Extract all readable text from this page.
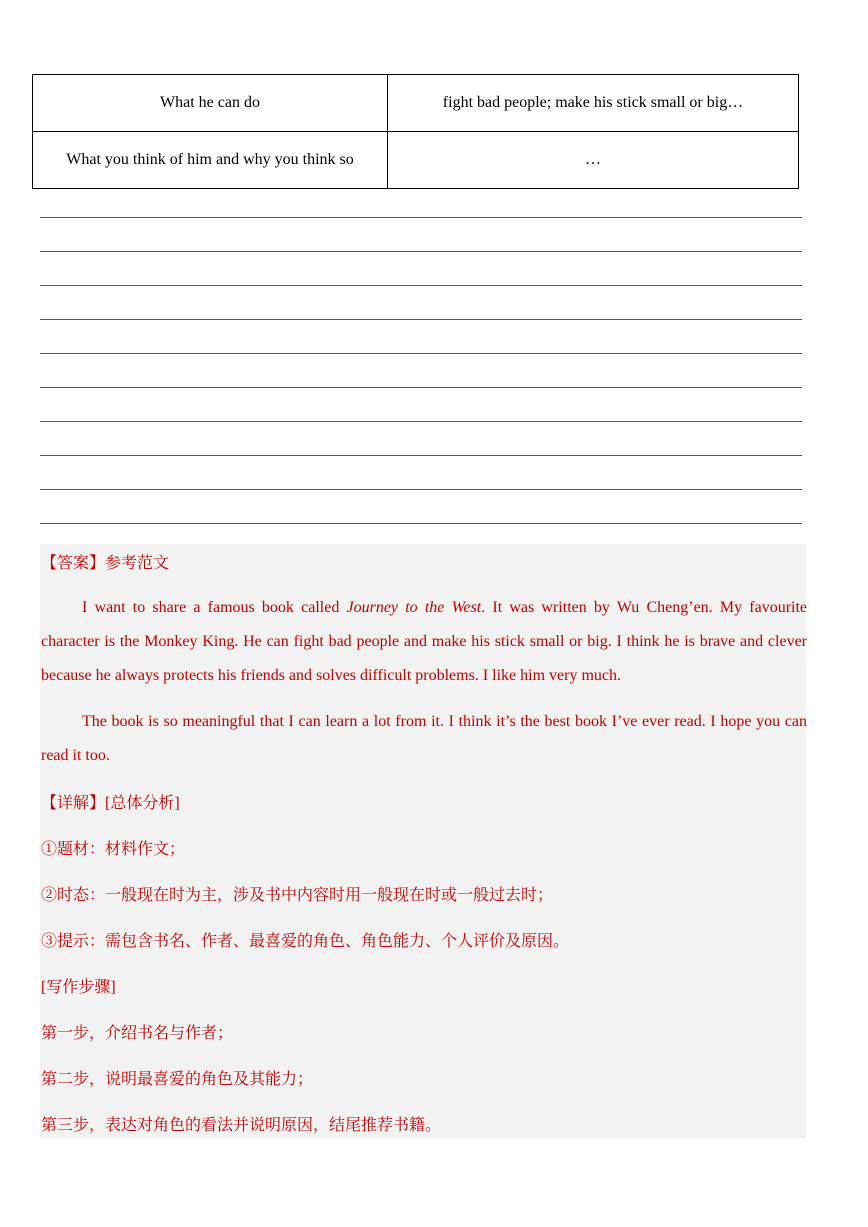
What he can do	fight bad people; make his stick small or big…
What you think of him and why you think so	…
【答案】参考范文
I want to share a famous book called Journey to the West. It was written by Wu Cheng’en. My favourite character is the Monkey King. He can fight bad people and make his stick small or big. I think he is brave and clever because he always protects his friends and solves difficult problems. I like him very much.
The book is so meaningful that I can learn a lot from it. I think it’s the best book I’ve ever read. I hope you can read it too.
【详解】[总体分析]
①题材：材料作文；
②时态：一般现在时为主，涉及书中内容时用一般现在时或一般过去时；
③提示：需包含书名、作者、最喜爱的角色、角色能力、个人评价及原因。
[写作步骤]
第一步，介绍书名与作者；
第二步，说明最喜爱的角色及其能力；
第三步，表达对角色的看法并说明原因，结尾推荐书籍。
